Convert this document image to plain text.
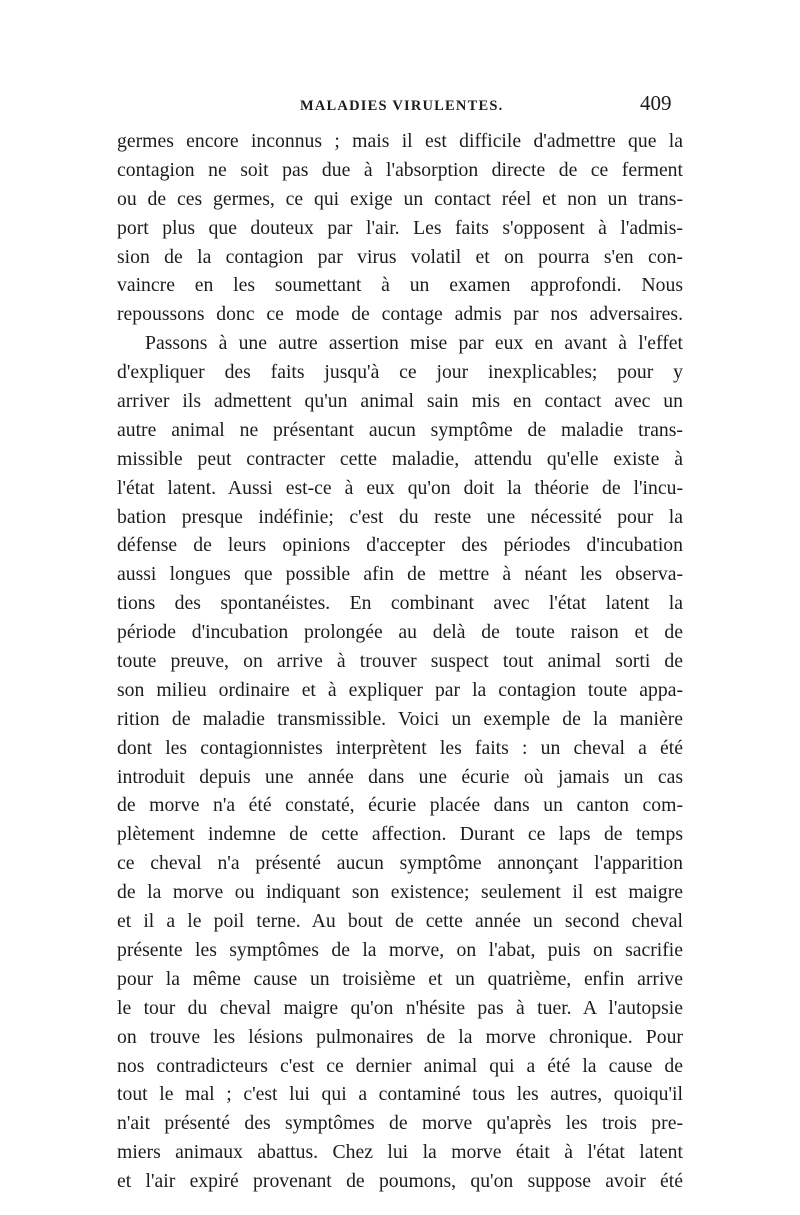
MALADIES VIRULENTES.	409
germes encore inconnus ; mais il est difficile d'admettre que la
contagion ne soit pas due à l'absorption directe de ce ferment
ou de ces germes, ce qui exige un contact réel et non un trans-
port plus que douteux par l'air. Les faits s'opposent à l'admis-
sion de la contagion par virus volatil et on pourra s'en con-
vaincre en les soumettant à un examen approfondi. Nous
repoussons donc ce mode de contage admis par nos adversaires.
Passons à une autre assertion mise par eux en avant à l'effet
d'expliquer des faits jusqu'à ce jour inexplicables; pour y
arriver ils admettent qu'un animal sain mis en contact avec un
autre animal ne présentant aucun symptôme de maladie trans-
missible peut contracter cette maladie, attendu qu'elle existe à
l'état latent. Aussi est-ce à eux qu'on doit la théorie de l'incu-
bation presque indéfinie; c'est du reste une nécessité pour la
défense de leurs opinions d'accepter des périodes d'incubation
aussi longues que possible afin de mettre à néant les observa-
tions des spontanéistes. En combinant avec l'état latent la
période d'incubation prolongée au delà de toute raison et de
toute preuve, on arrive à trouver suspect tout animal sorti de
son milieu ordinaire et à expliquer par la contagion toute appa-
rition de maladie transmissible. Voici un exemple de la manière
dont les contagionnistes interprètent les faits : un cheval a été
introduit depuis une année dans une écurie où jamais un cas
de morve n'a été constaté, écurie placée dans un canton com-
plètement indemne de cette affection. Durant ce laps de temps
ce cheval n'a présenté aucun symptôme annonçant l'apparition
de la morve ou indiquant son existence; seulement il est maigre
et il a le poil terne. Au bout de cette année un second cheval
présente les symptômes de la morve, on l'abat, puis on sacrifie
pour la même cause un troisième et un quatrième, enfin arrive
le tour du cheval maigre qu'on n'hésite pas à tuer. A l'autopsie
on trouve les lésions pulmonaires de la morve chronique. Pour
nos contradicteurs c'est ce dernier animal qui a été la cause de
tout le mal ; c'est lui qui a contaminé tous les autres, quoiqu'il
n'ait présenté des symptômes de morve qu'après les trois pre-
miers animaux abattus. Chez lui la morve était à l'état latent
et l'air expiré provenant de poumons, qu'on suppose avoir été
